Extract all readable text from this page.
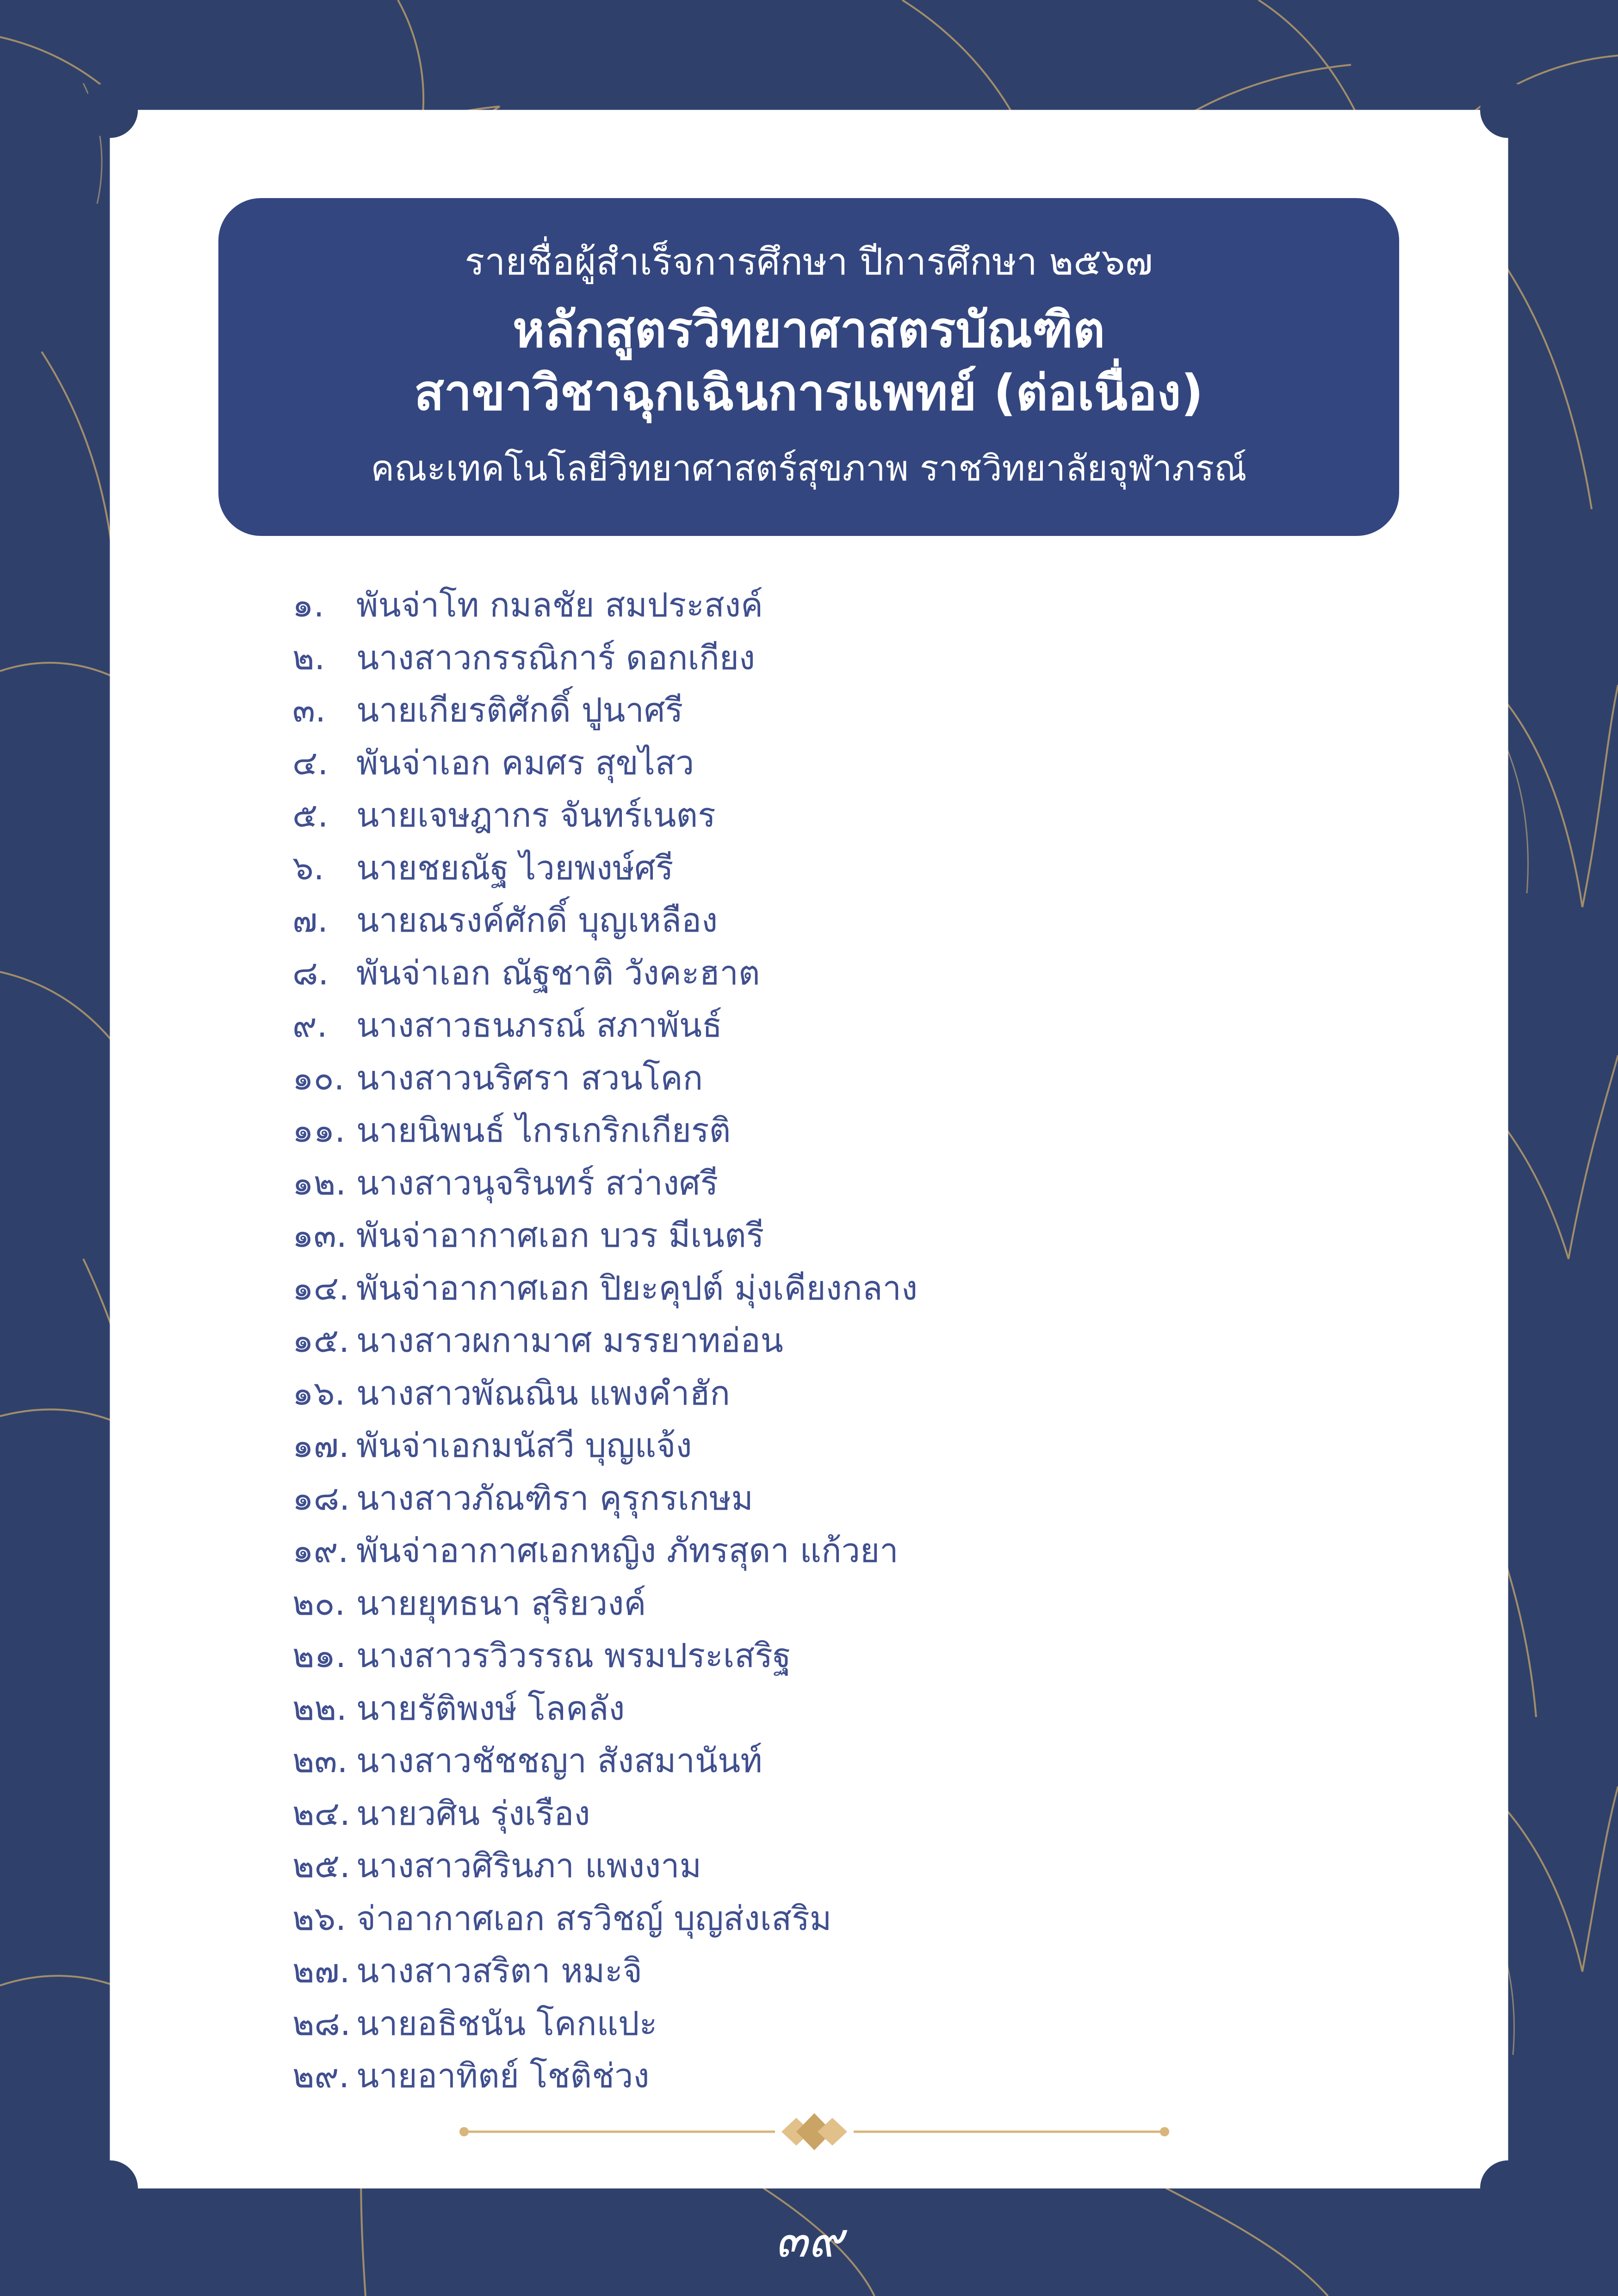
รายชื่อผู้สำเร็จการศึกษา ปีการศึกษา ๒๕๖๗
หลักสูตรวิทยาศาสตรบัณฑิต
สาขาวิชาฉุกเฉินการแพทย์ (ต่อเนื่อง)
คณะเทคโนโลยีวิทยาศาสตร์สุขภาพ ราชวิทยาลัยจุฬาภรณ์
๑. พันจ่าโท กมลชัย สมประสงค์
๒. นางสาวกรรณิการ์ ดอกเกียง
๓. นายเกียรติศักดิ์ ปูนาศรี
๔. พันจ่าเอก คมศร สุขไสว
๕. นายเจษฎากร จันทร์เนตร
๖. นายชยณัฐ ไวยพงษ์ศรี
๗. นายณรงค์ศักดิ์ บุญเหลือง
๘. พันจ่าเอก ณัฐชาติ วังคะฮาต
๙. นางสาวธนภรณ์ สภาพันธ์
๑๐. นางสาวนริศรา สวนโคก
๑๑. นายนิพนธ์ ไกรเกริกเกียรติ
๑๒. นางสาวนุจรินทร์ สว่างศรี
๑๓. พันจ่าอากาศเอก บวร มีเนตรี
๑๔. พันจ่าอากาศเอก ปิยะคุปต์ มุ่งเคียงกลาง
๑๕. นางสาวผกามาศ มรรยาทอ่อน
๑๖. นางสาวพัณณิน แพงคำฮัก
๑๗. พันจ่าเอกมนัสวี บุญแจ้ง
๑๘. นางสาวภัณฑิรา คุรุกรเกษม
๑๙. พันจ่าอากาศเอกหญิง ภัทรสุดา แก้วยา
๒๐. นายยุทธนา สุริยวงค์
๒๑. นางสาวรวิวรรณ พรมประเสริฐ
๒๒. นายรัติพงษ์ โลคลัง
๒๓. นางสาวชัชชญา สังสมานันท์
๒๔. นายวศิน รุ่งเรือง
๒๕. นางสาวศิรินภา แพงงาม
๒๖. จ่าอากาศเอก สรวิชญ์ บุญส่งเสริม
๒๗. นางสาวสริตา หมะจิ
๒๘. นายอธิชนัน โคกแปะ
๒๙. นายอาทิตย์ โชติช่วง
๓๙
